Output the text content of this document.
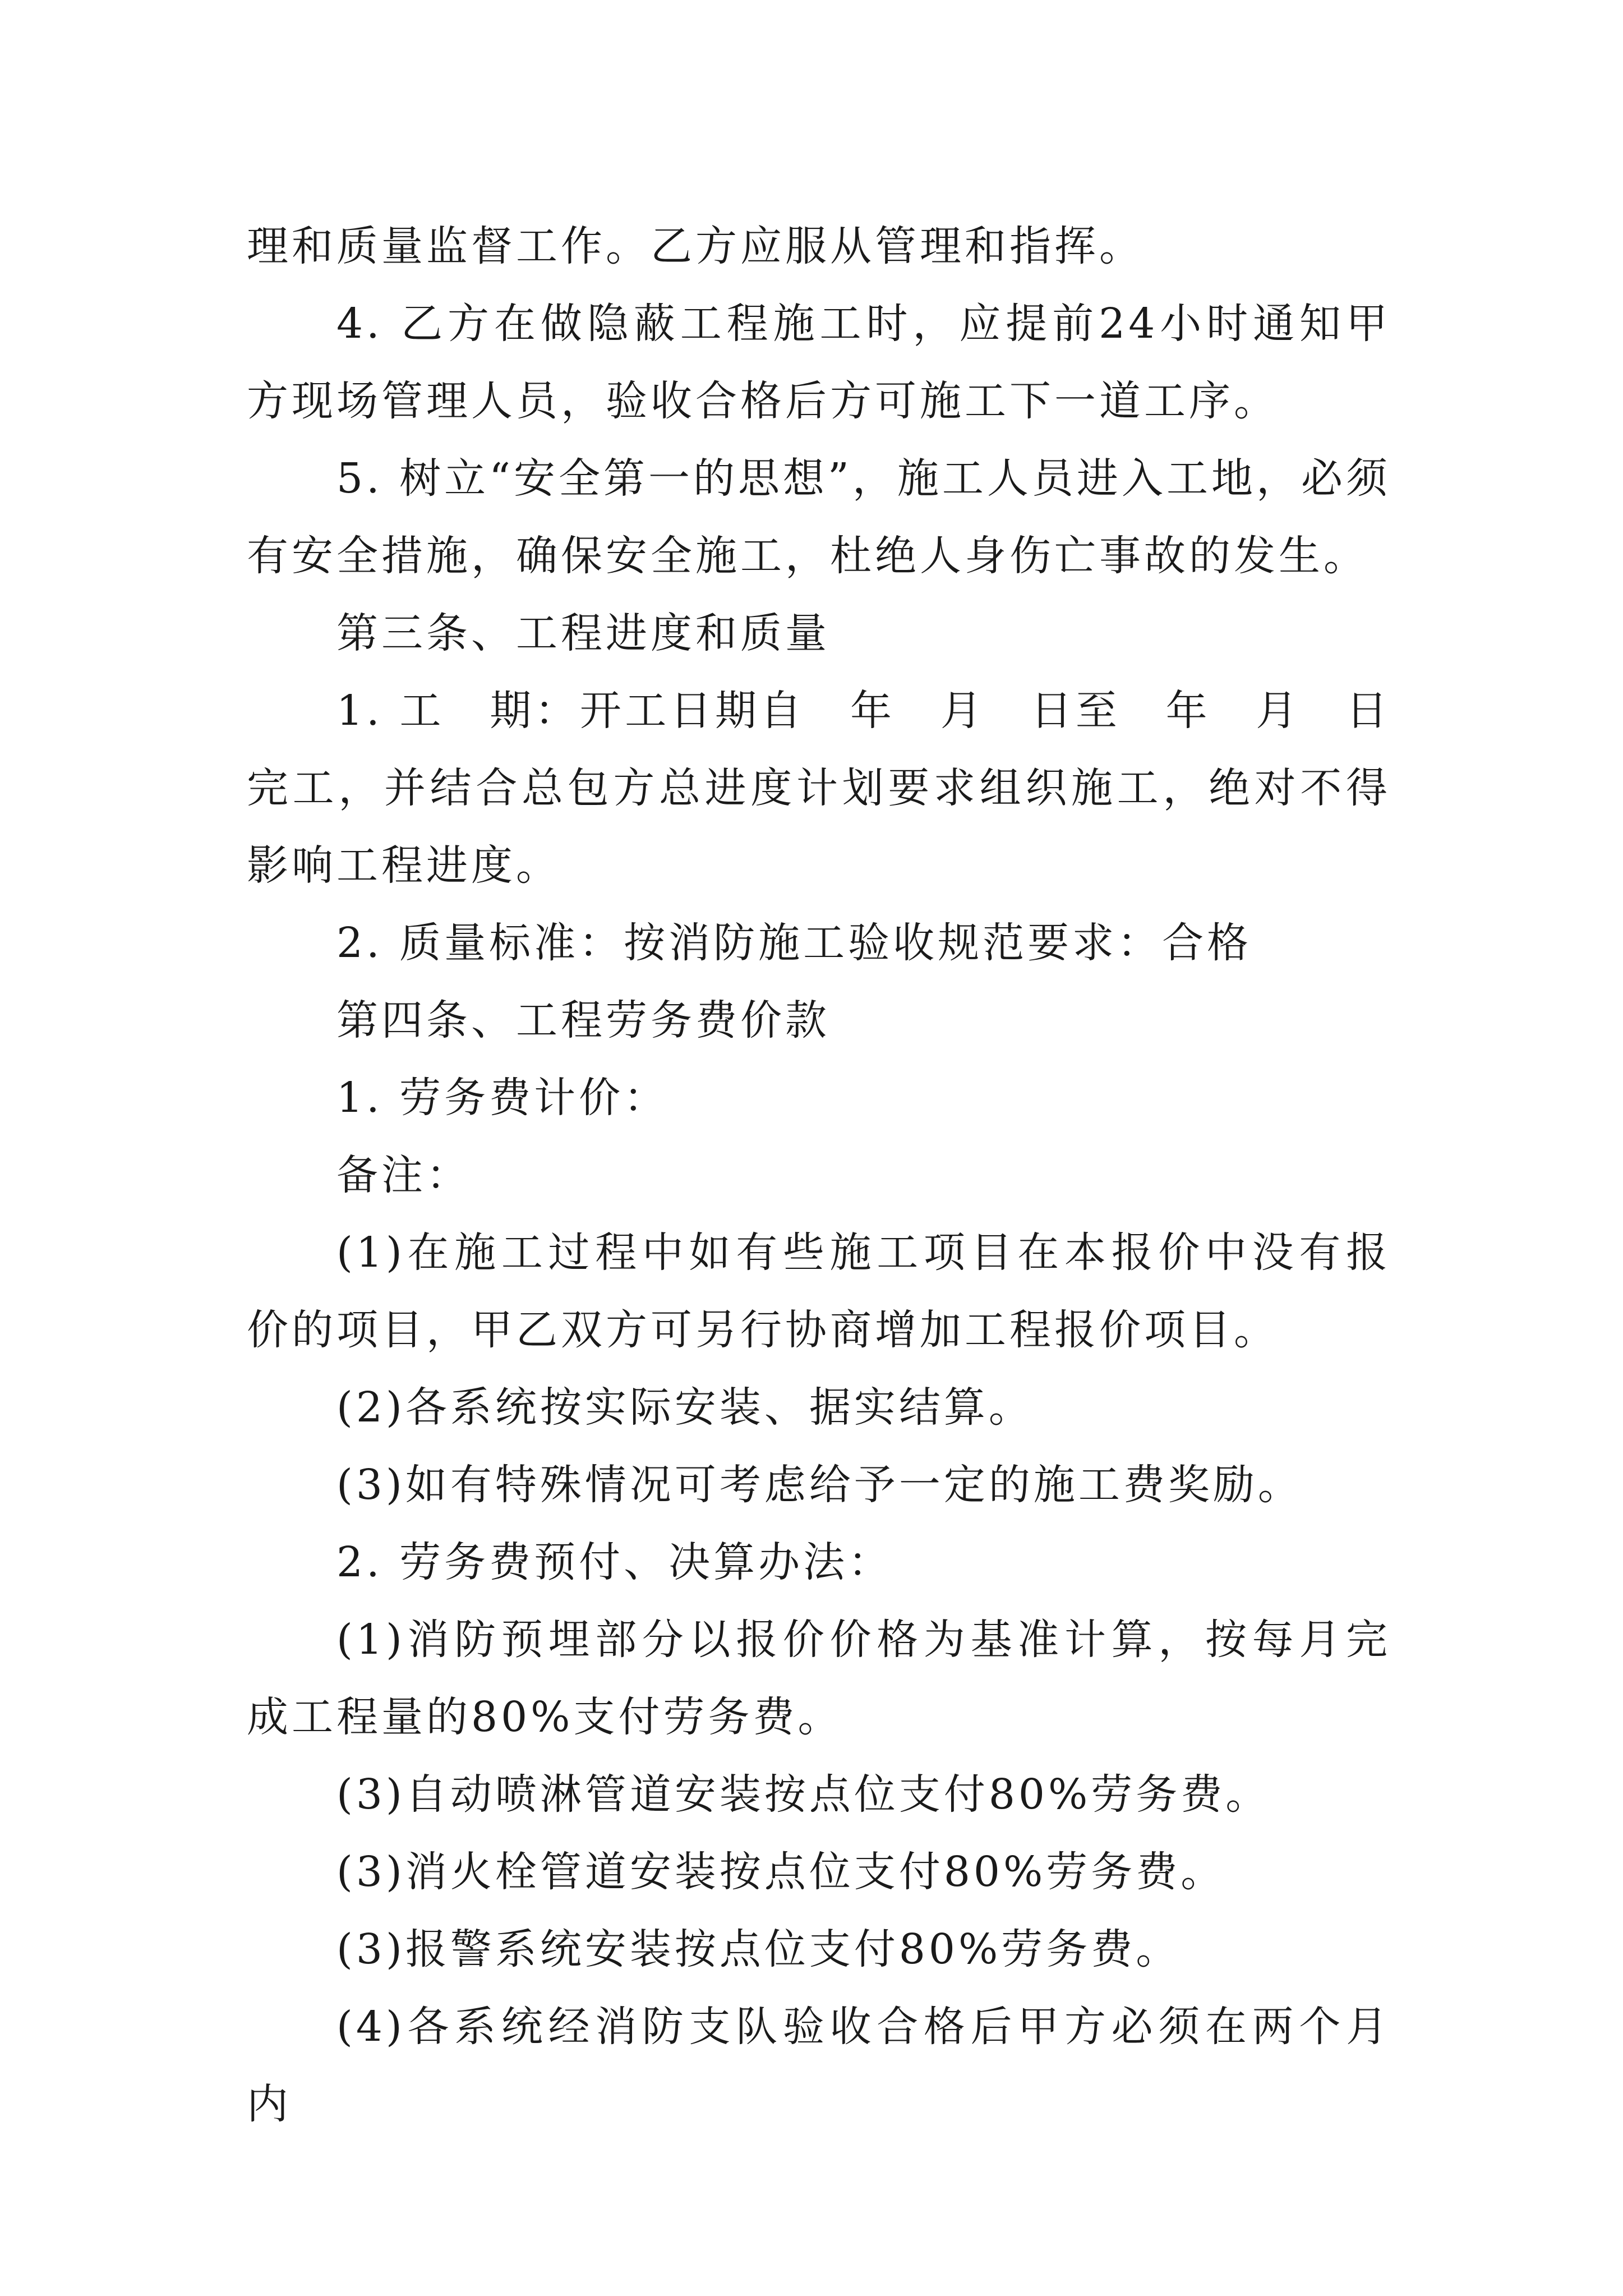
理和质量监督工作。乙方应服从管理和指挥。

4. 乙方在做隐蔽工程施工时，应提前24小时通知甲方现场管理人员，验收合格后方可施工下一道工序。

5. 树立“安全第一的思想”，施工人员进入工地，必须有安全措施，确保安全施工，杜绝人身伤亡事故的发生。

第三条、工程进度和质量

1. 工　期：开工日期自　年　月　日至　年　月　日完工，并结合总包方总进度计划要求组织施工，绝对不得影响工程进度。

2. 质量标准：按消防施工验收规范要求：合格

第四条、工程劳务费价款

1. 劳务费计价：

备注：

(1)在施工过程中如有些施工项目在本报价中没有报价的项目，甲乙双方可另行协商增加工程报价项目。

(2)各系统按实际安装、据实结算。

(3)如有特殊情况可考虑给予一定的施工费奖励。

2. 劳务费预付、决算办法：

(1)消防预埋部分以报价价格为基准计算，按每月完成工程量的80%支付劳务费。

(3)自动喷淋管道安装按点位支付80%劳务费。

(3)消火栓管道安装按点位支付80%劳务费。

(3)报警系统安装按点位支付80%劳务费。

(4)各系统经消防支队验收合格后甲方必须在两个月内
